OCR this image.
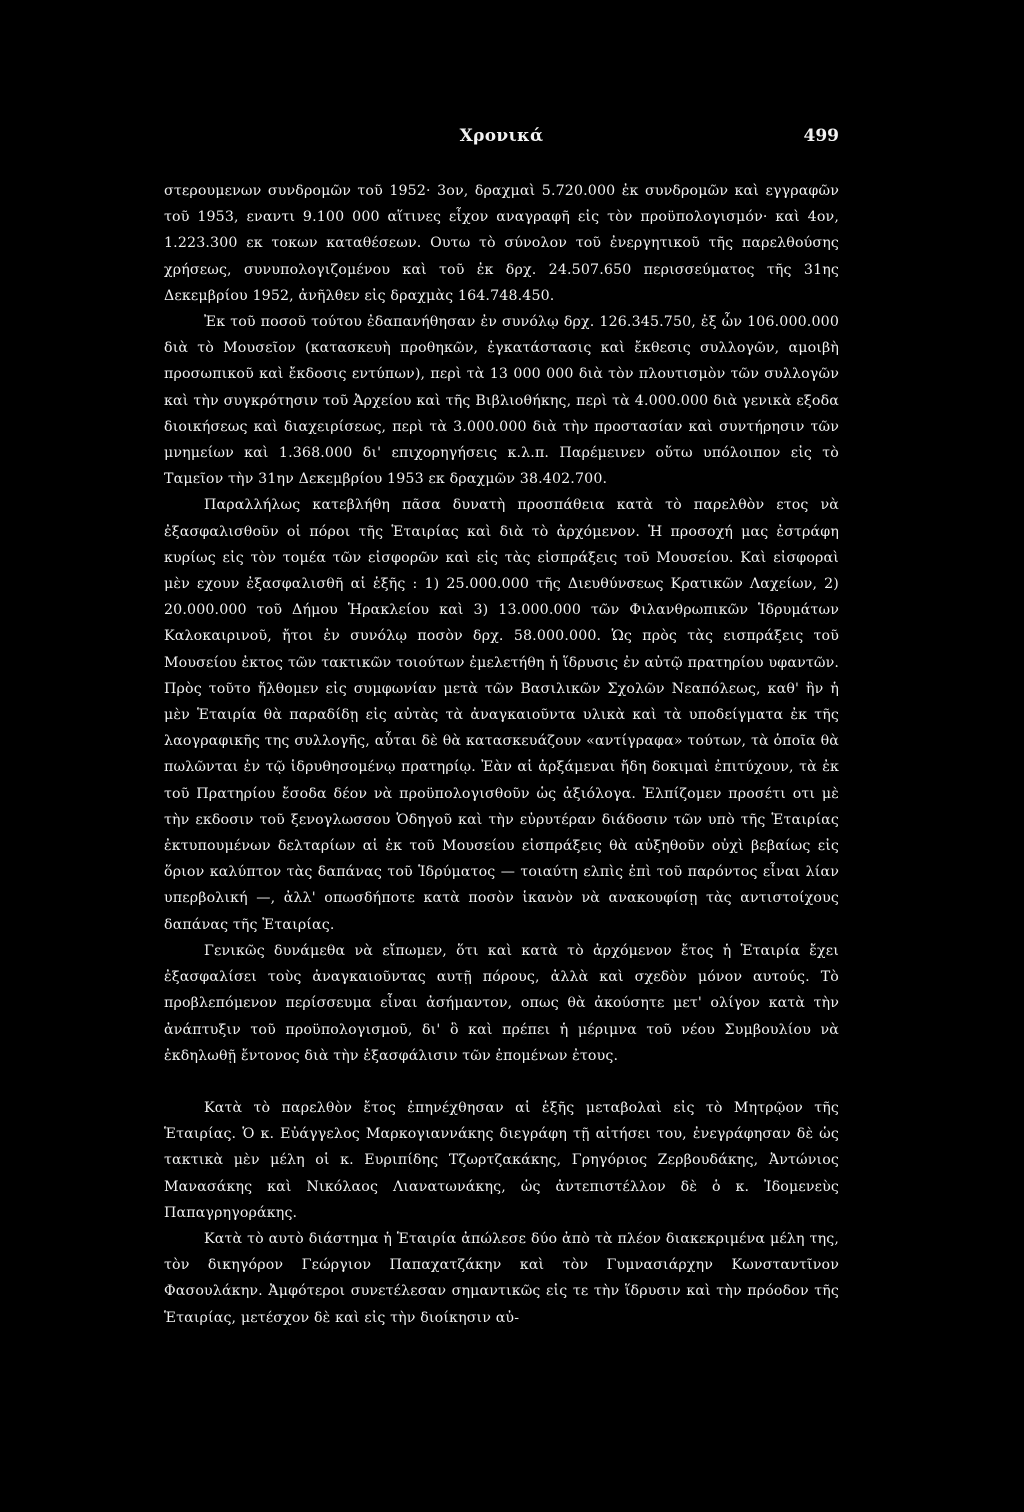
Χρονικά	499

στερουμενων συνδρομῶν τοῦ 1952· 3ον, δραχμαὶ 5.720.000 ἐκ συνδρομῶν καὶ εγγραφῶν τοῦ 1953, εναντι 9.100 000 αἵτινες εἶχον αναγραφῆ εἰς τὸν προϋπολογισμόν· καὶ 4ον, 1.223.300 εκ τοκων καταθέσεων. Ουτω τὸ σύνολον τοῦ ἐνεργητικοῦ τῆς παρελθούσης χρήσεως, συνυπολογιζομένου καὶ τοῦ ἐκ δρχ. 24.507.650 περισσεύματος τῆς 31ης Δεκεμβρίου 1952, ἀνῆλθεν εἰς δραχμὰς 164.748.450.

Ἐκ τοῦ ποσοῦ τούτου ἐδαπανήθησαν ἐν συνόλῳ δρχ. 126.345.750, ἐξ ὧν 106.000.000 διὰ τὸ Μουσεῖον (κατασκευὴ προθηκῶν, ἐγκατάστασις καὶ ἔκθεσις συλλογῶν, αμοιβὴ προσωπικοῦ καὶ ἔκδοσις εντύπων), περὶ τὰ 13 000 000 διὰ τὸν πλουτισμὸν τῶν συλλογῶν καὶ τὴν συγκρότησιν τοῦ Ἀρχείου καὶ τῆς Βιβλιοθήκης, περὶ τὰ 4.000.000 διὰ γενικὰ εξοδα διοικήσεως καὶ διαχειρίσεως, περὶ τὰ 3.000.000 διὰ τὴν προστασίαν καὶ συντήρησιν τῶν μνημείων καὶ 1.368.000 δι' επιχορηγήσεις κ.λ.π. Παρέμεινεν οὕτω υπόλοιπον εἰς τὸ Ταμεῖον τὴν 31ην Δεκεμβρίου 1953 εκ δραχμῶν 38.402.700.

Παραλλήλως κατεβλήθη πᾶσα δυνατὴ προσπάθεια κατὰ τὸ παρελθὸν ετος νὰ ἐξασφαλισθοῦν οἱ πόροι τῆς Ἑταιρίας καὶ διὰ τὸ ἀρχόμενον. Ἡ προσοχή μας ἐστράφη κυρίως εἰς τὸν τομέα τῶν εἰσφορῶν καὶ εἰς τὰς εἰσπράξεις τοῦ Μουσείου. Καὶ εἰσφοραὶ μὲν εχουν ἐξασφαλισθῆ αἱ ἑξῆς : 1) 25.000.000 τῆς Διευθύνσεως Κρατικῶν Λαχείων, 2) 20.000.000 τοῦ Δήμου Ἡρακλείου καὶ 3) 13.000.000 τῶν Φιλανθρωπικῶν Ἱδρυμάτων Καλοκαιρινοῦ, ἤτοι ἐν συνόλῳ ποσὸν δρχ. 58.000.000. Ὡς πρὸς τὰς εισπράξεις τοῦ Μουσείου ἐκτος τῶν τακτικῶν τοιούτων ἐμελετήθη ἡ ἵδρυσις ἐν αὐτῷ πρατηρίου υφαντῶν. Πρὸς τοῦτο ἤλθομεν εἰς συμφωνίαν μετὰ τῶν Βασιλικῶν Σχολῶν Νεαπόλεως, καθ' ἣν ἡ μὲν Ἑταιρία θὰ παραδίδῃ εἰς αὐτὰς τὰ ἀναγκαιοῦντα υλικὰ καὶ τὰ υποδείγματα ἐκ τῆς λαογραφικῆς της συλλογῆς, αὗται δὲ θὰ κατασκευάζουν «αντίγραφα» τούτων, τὰ ὁποῖα θὰ πωλῶνται ἐν τῷ ἱδρυθησομένῳ πρατηρίῳ. Ἐὰν αἱ ἀρξάμεναι ἤδη δοκιμαὶ ἐπιτύχουν, τὰ ἐκ τοῦ Πρατηρίου ἔσοδα δέον νὰ προϋπολογισθοῦν ὡς ἀξιόλογα. Ἐλπίζομεν προσέτι οτι μὲ τὴν εκδοσιν τοῦ ξενογλωσσου Ὁδηγοῦ καὶ τὴν εὐρυτέραν διάδοσιν τῶν υπὸ τῆς Ἑταιρίας ἐκτυπουμένων δελταρίων αἱ ἐκ τοῦ Μουσείου εἰσπράξεις θὰ αὐξηθοῦν οὐχὶ βεβαίως εἰς ὅριον καλύπτον τὰς δαπάνας τοῦ Ἱδρύματος — τοιαύτη ελπὶς ἐπὶ τοῦ παρόντος εἶναι λίαν υπερβολική —, ἀλλ' οπωσδήποτε κατὰ ποσὸν ἱκανὸν νὰ ανακουφίσῃ τὰς αντιστοίχους δαπάνας τῆς Ἑταιρίας.

Γενικῶς δυνάμεθα νὰ εἴπωμεν, ὅτι καὶ κατὰ τὸ ἀρχόμενον ἔτος ἡ Ἑταιρία ἔχει ἐξασφαλίσει τοὺς ἀναγκαιοῦντας αυτῇ πόρους, ἀλλὰ καὶ σχεδὸν μόνον αυτούς. Τὸ προβλεπόμενον περίσσευμα εἶναι ἀσήμαντον, οπως θὰ ἀκούσητε μετ' ολίγον κατὰ τὴν ἀνάπτυξιν τοῦ προϋπολογισμοῦ, δι' ὃ καὶ πρέπει ἡ μέριμνα τοῦ νέου Συμβουλίου νὰ ἐκδηλωθῇ ἔντονος διὰ τὴν ἐξασφάλισιν τῶν ἐπομένων ἐτους.

Κατὰ τὸ παρελθὸν ἔτος ἐπηνέχθησαν αἱ ἑξῆς μεταβολαὶ εἰς τὸ Μητρῷον τῆς Ἑταιρίας. Ὁ κ. Εὐάγγελος Μαρκογιαννάκης διεγράφη τῇ αἰτήσει του, ἐνεγράφησαν δὲ ὡς τακτικὰ μὲν μέλη οἱ κ. Ευριπίδης Τζωρτζακάκης, Γρηγόριος Ζερβουδάκης, Ἀντώνιος Μανασάκης καὶ Νικόλαος Λιανατωνάκης, ὡς ἀντεπιστέλλον δὲ ὁ κ. Ἰδομενεὺς Παπαγρηγοράκης.

Κατὰ τὸ αυτὸ διάστημα ἡ Ἑταιρία ἀπώλεσε δύο ἀπὸ τὰ πλέον διακεκριμένα μέλη της, τὸν δικηγόρον Γεώργιον Παπαχατζάκην καὶ τὸν Γυμνασιάρχην Κωνσταντῖνον Φασουλάκην. Ἀμφότεροι συνετέλεσαν σημαντικῶς εἰς τε τὴν ἵδρυσιν καὶ τὴν πρόοδον τῆς Ἑταιρίας, μετέσχον δὲ καὶ εἰς τὴν διοίκησιν αὐ-
